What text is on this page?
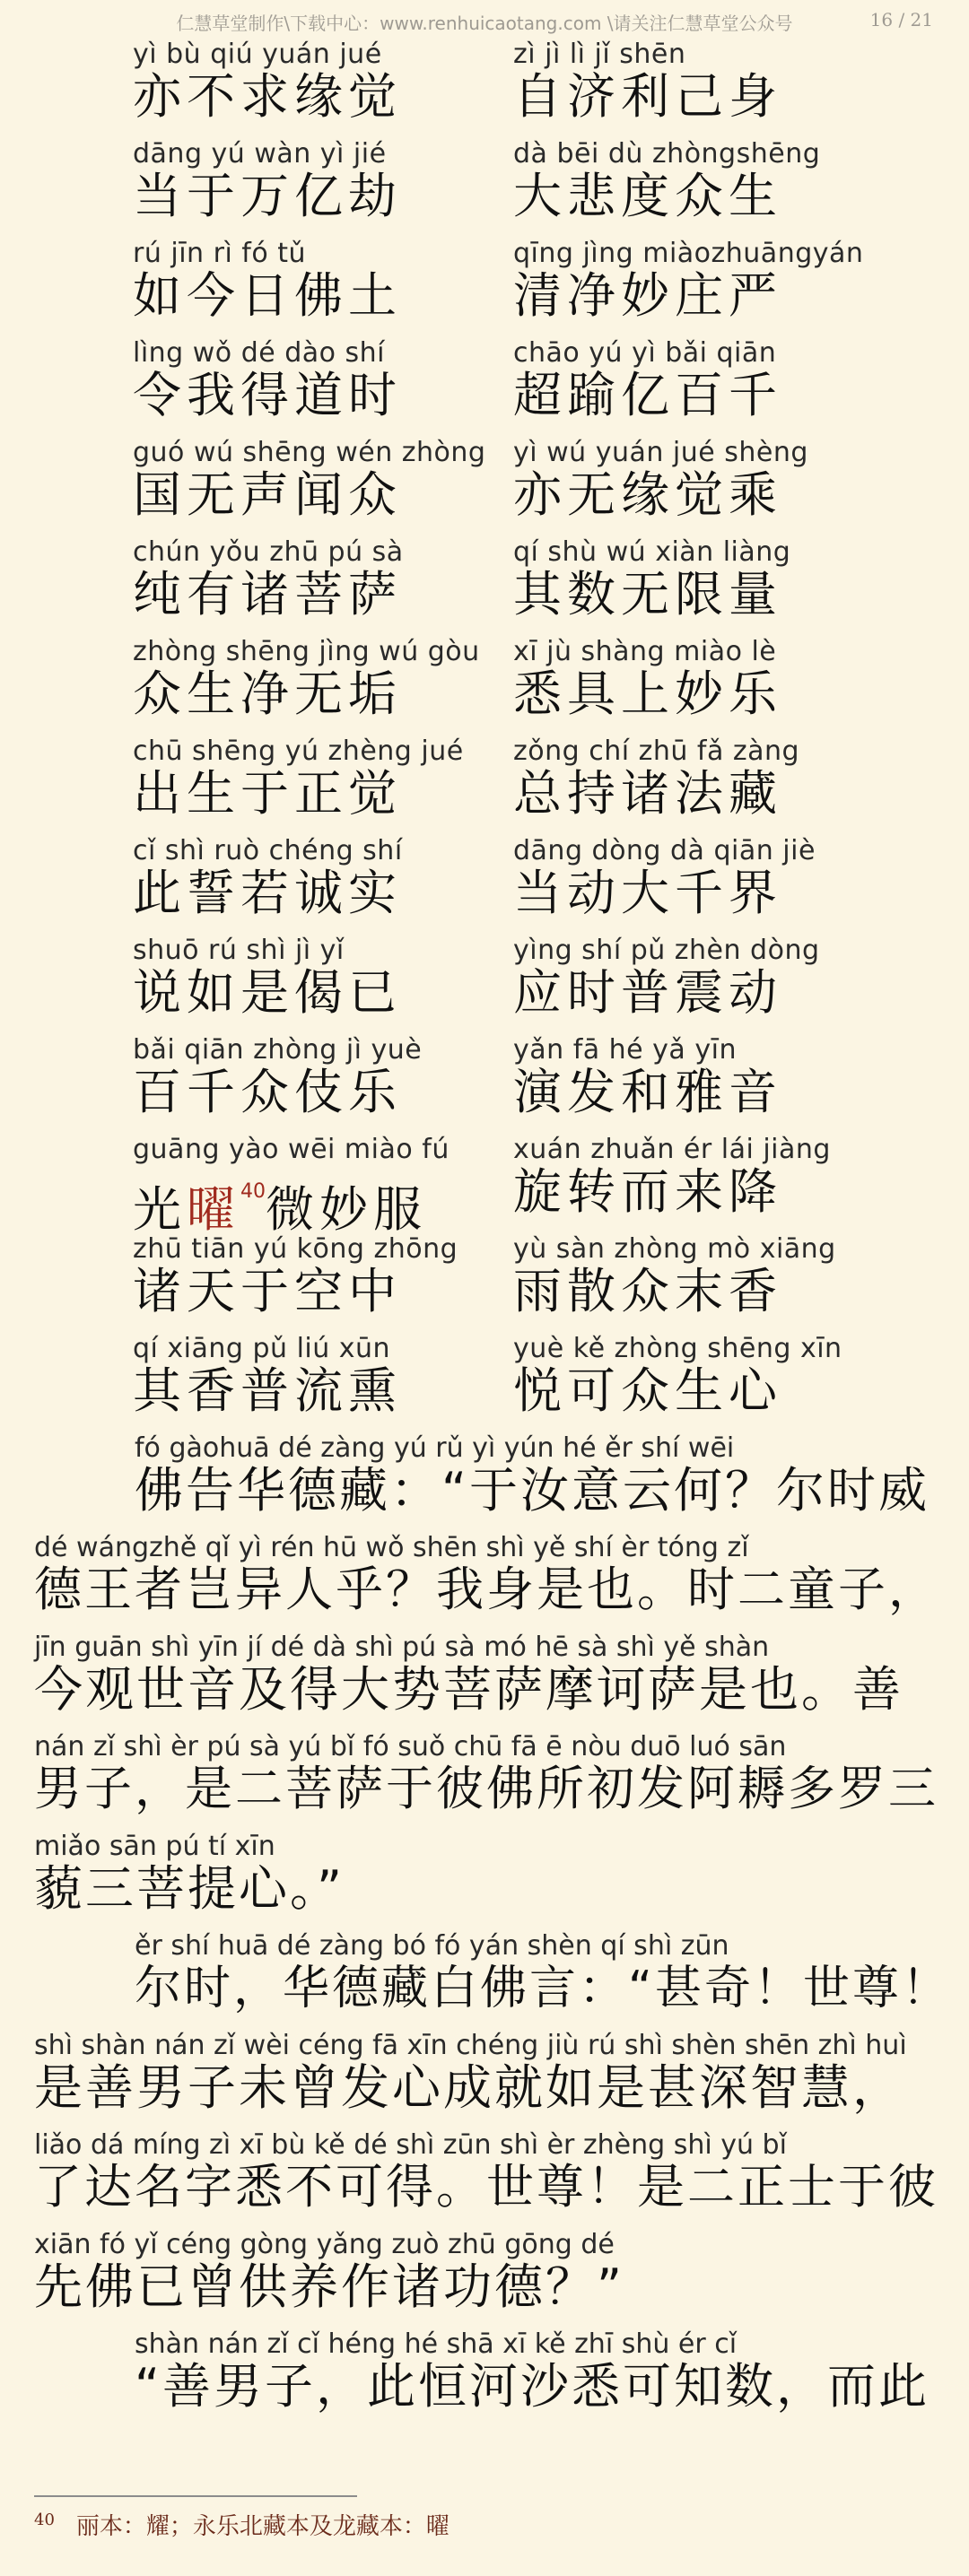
仁慧草堂制作\下载中心：www.renhuicaotang.com \请关注仁慧草堂公众号	16 / 21
yì bù qiú yuán jué
亦不求缘觉
zì jì lì jǐ shēn
自济利己身
dāng yú wàn yì jié
当于万亿劫
dà bēi dù zhòngshēng
大悲度众生
rú jīn rì fó tǔ
如今日佛土
qīng jìng miàozhuāngyán
清净妙庄严
lìng wǒ dé dào shí
令我得道时
chāo yú yì bǎi qiān
超踰亿百千
guó wú shēng wén zhòng
国无声闻众
yì wú yuán jué shèng
亦无缘觉乘
chún yǒu zhū pú sà
纯有诸菩萨
qí shù wú xiàn liàng
其数无限量
zhòng shēng jìng wú gòu
众生净无垢
xī jù shàng miào lè
悉具上妙乐
chū shēng yú zhèng jué
出生于正觉
zǒng chí zhū fǎ zàng
总持诸法藏
cǐ shì ruò chéng shí
此誓若诚实
dāng dòng dà qiān jiè
当动大千界
shuō rú shì jì yǐ
说如是偈已
yìng shí pǔ zhèn dòng
应时普震动
bǎi qiān zhòng jì yuè
百千众伎乐
yǎn fā hé yǎ yīn
演发和雅音
guāng yào wēi miào fú
光曜$^{40}$微妙服
xuán zhuǎn ér lái jiàng
旋转而来降
zhū tiān yú kōng zhōng
诸天于空中
yù sàn zhòng mò xiāng
雨散众末香
qí xiāng pǔ liú xūn
其香普流熏
yuè kě zhòng shēng xīn
悦可众生心
fó gàohuā dé zàng yú rǔ yì yún hé ěr shí wēi
佛告华德藏：“于汝意云何？尔时威
dé wángzhě qǐ yì rén hū wǒ shēn shì yě shí èr tóng zǐ
德王者岂异人乎？我身是也。时二童子，
jīn guān shì yīn jí dé dà shì pú sà mó hē sà shì yě shàn
今观世音及得大势菩萨摩诃萨是也。善
nán zǐ shì èr pú sà yú bǐ fó suǒ chū fā ē nòu duō luó sān
男子，是二菩萨于彼佛所初发阿耨多罗三
miǎo sān pú tí xīn
藐三菩提心。”
ěr shí huā dé zàng bó fó yán shèn qí shì zūn
尔时，华德藏白佛言：“甚奇！世尊！
shì shàn nán zǐ wèi céng fā xīn chéng jiù rú shì shèn shēn zhì huì
是善男子未曾发心成就如是甚深智慧，
liǎo dá míng zì xī bù kě dé shì zūn shì èr zhèng shì yú bǐ
了达名字悉不可得。世尊！是二正士于彼
xiān fó yǐ céng gòng yǎng zuò zhū gōng dé
先佛已曾供养作诸功德？”
shàn nán zǐ cǐ héng hé shā xī kě zhī shù ér cǐ
“善男子，此恒河沙悉可知数，而此
$^{40}$ 丽本：耀；永乐北藏本及龙藏本：曜
